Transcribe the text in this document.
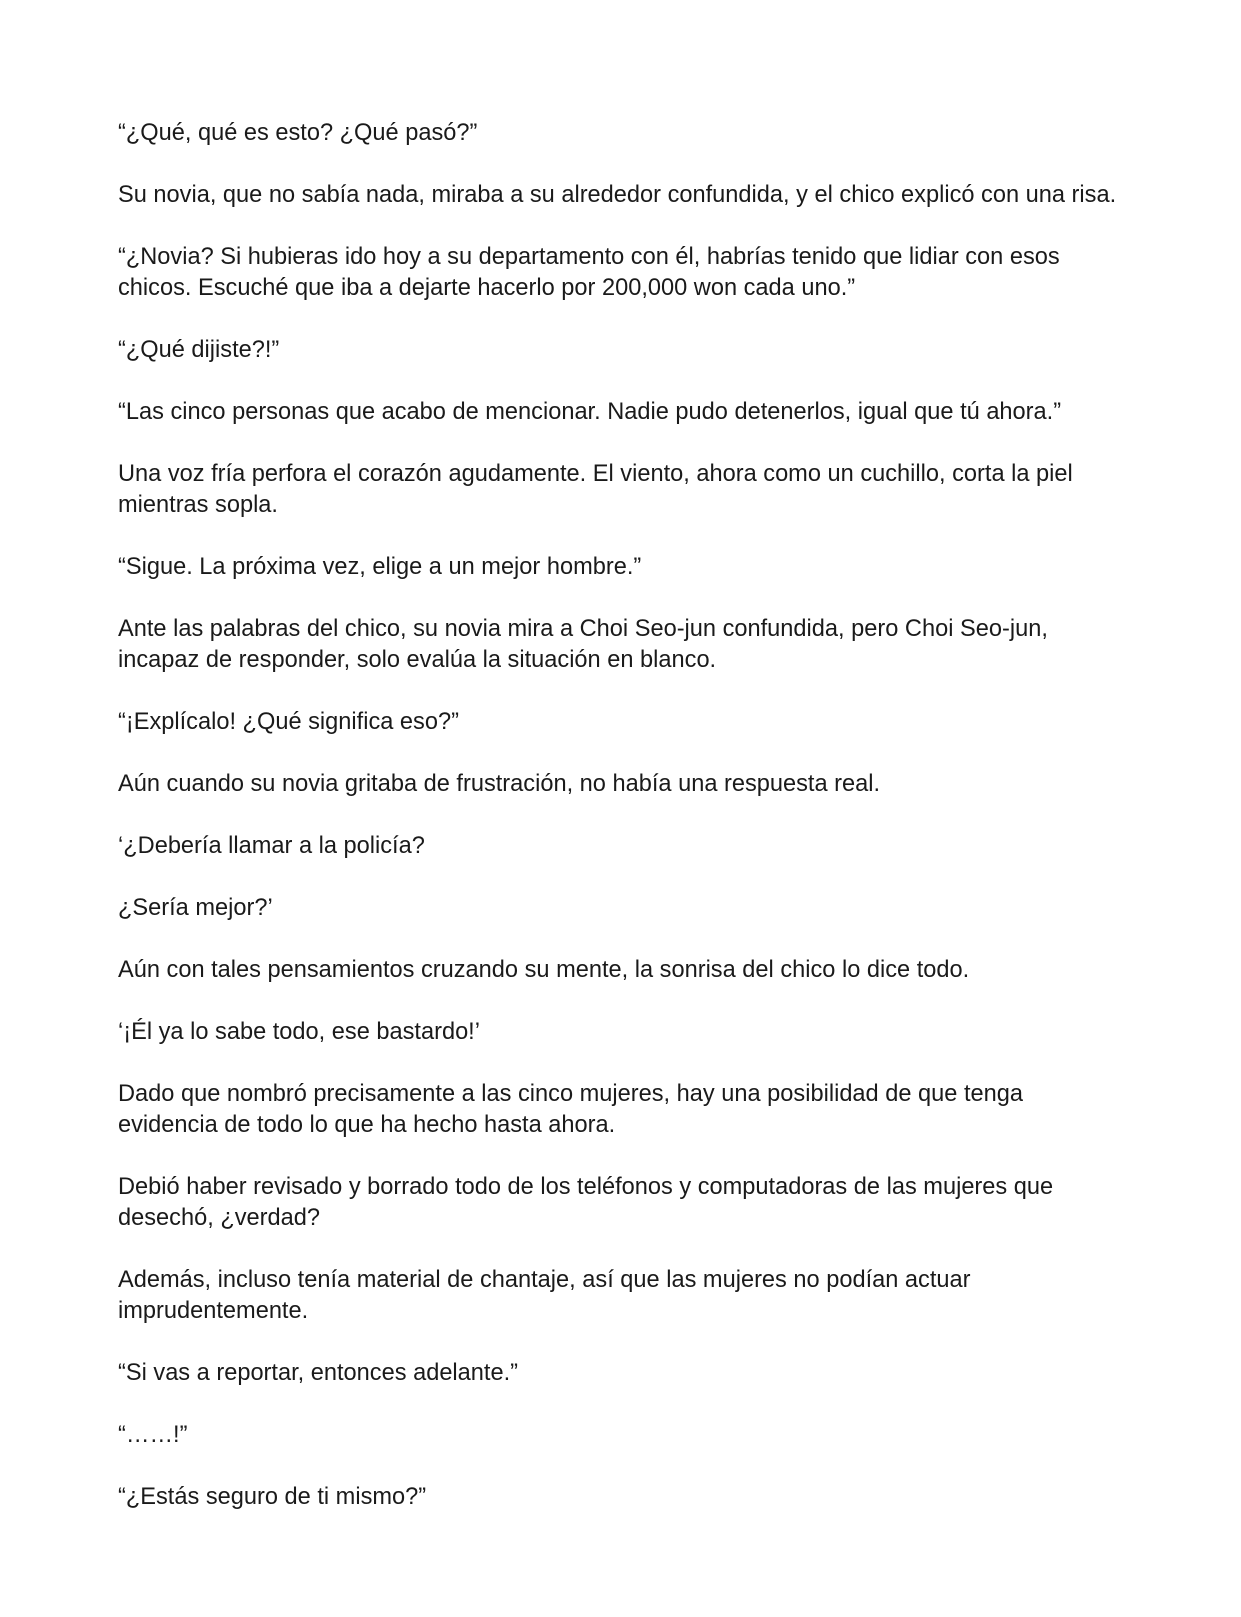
“¿Qué, qué es esto? ¿Qué pasó?”

Su novia, que no sabía nada, miraba a su alrededor confundida, y el chico explicó con una risa.

“¿Novia? Si hubieras ido hoy a su departamento con él, habrías tenido que lidiar con esos chicos. Escuché que iba a dejarte hacerlo por 200,000 won cada uno.”

“¿Qué dijiste?!”

“Las cinco personas que acabo de mencionar. Nadie pudo detenerlos, igual que tú ahora.”

Una voz fría perfora el corazón agudamente. El viento, ahora como un cuchillo, corta la piel mientras sopla.

“Sigue. La próxima vez, elige a un mejor hombre.”

Ante las palabras del chico, su novia mira a Choi Seo-jun confundida, pero Choi Seo-jun, incapaz de responder, solo evalúa la situación en blanco.

“¡Explícalo! ¿Qué significa eso?”

Aún cuando su novia gritaba de frustración, no había una respuesta real.

‘¿Debería llamar a la policía?

¿Sería mejor?’

Aún con tales pensamientos cruzando su mente, la sonrisa del chico lo dice todo.

‘¡Él ya lo sabe todo, ese bastardo!’

Dado que nombró precisamente a las cinco mujeres, hay una posibilidad de que tenga evidencia de todo lo que ha hecho hasta ahora.

Debió haber revisado y borrado todo de los teléfonos y computadoras de las mujeres que desechó, ¿verdad?

Además, incluso tenía material de chantaje, así que las mujeres no podían actuar imprudentemente.

“Si vas a reportar, entonces adelante.”

“……!”

“¿Estás seguro de ti mismo?”
